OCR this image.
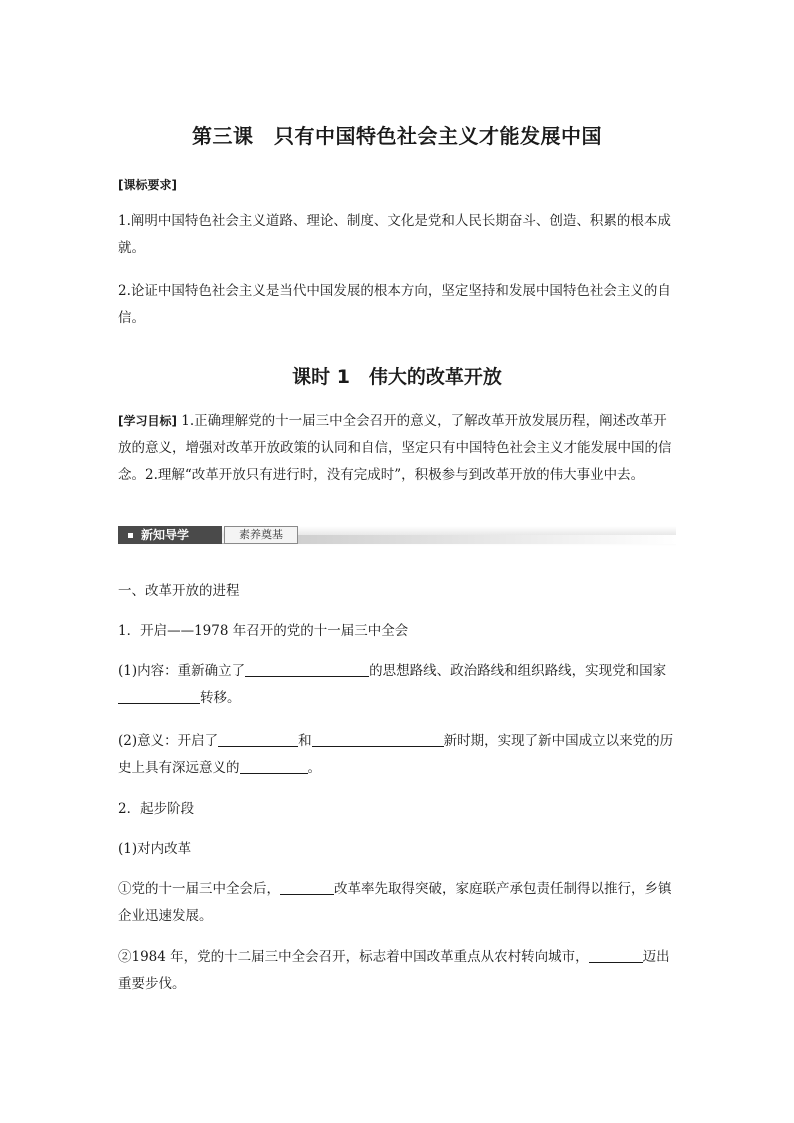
第三课　只有中国特色社会主义才能发展中国
[课标要求]
1.阐明中国特色社会主义道路、理论、制度、文化是党和人民长期奋斗、创造、积累的根本成就。
2.论证中国特色社会主义是当代中国发展的根本方向，坚定坚持和发展中国特色社会主义的自信。
课时 1　伟大的改革开放
[学习目标] 1.正确理解党的十一届三中全会召开的意义，了解改革开放发展历程，阐述改革开放的意义，增强对改革开放政策的认同和自信，坚定只有中国特色社会主义才能发展中国的信念。2.理解“改革开放只有进行时，没有完成时”，积极参与到改革开放的伟大事业中去。
新知导学	素养奠基
一、改革开放的进程
1．开启——1978 年召开的党的十一届三中全会
(1)内容：重新确立了	的思想路线、政治路线和组织路线，实现党和国家转移。
(2)意义：开启了	和	新时期，实现了新中国成立以来党的历史上具有深远意义的	。
2．起步阶段
(1)对内改革
①党的十一届三中全会后，	改革率先取得突破，家庭联产承包责任制得以推行，乡镇企业迅速发展。
②1984 年，党的十二届三中全会召开，标志着中国改革重点从农村转向城市，	迈出重要步伐。
